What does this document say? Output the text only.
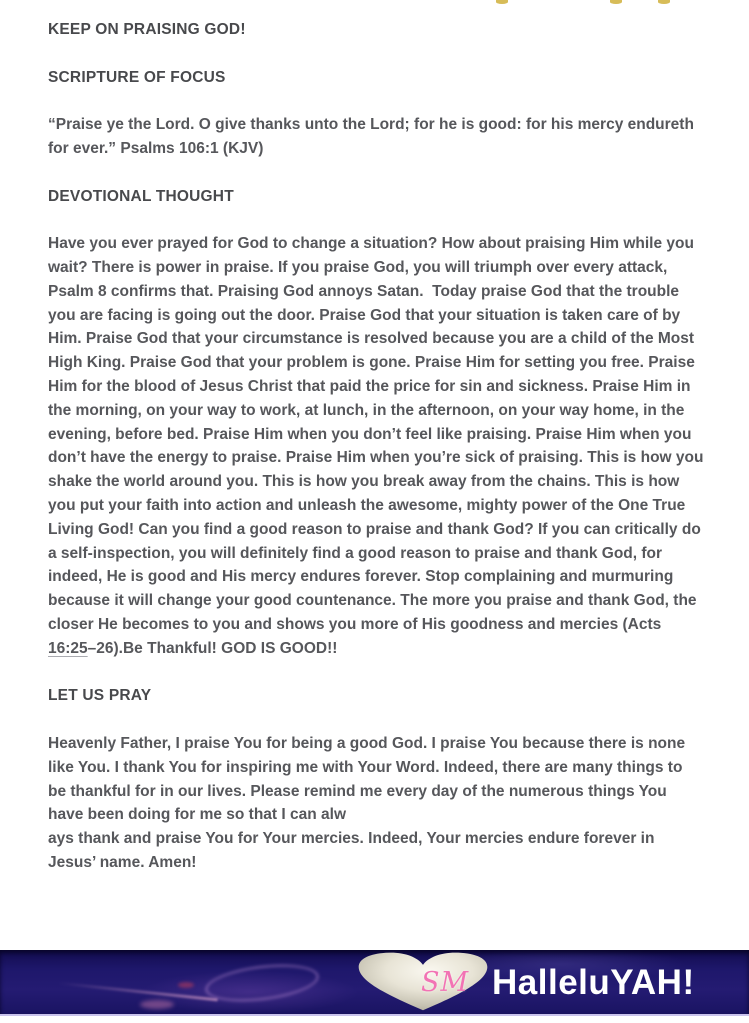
KEEP ON PRAISING GOD!
SCRIPTURE OF FOCUS

“Praise ye the Lord. O give thanks unto the Lord; for he is good: for his mercy endureth for ever.” Psalms 106:1 (KJV)

DEVOTIONAL THOUGHT

Have you ever prayed for God to change a situation? How about praising Him while you wait? There is power in praise. If you praise God, you will triumph over every attack, Psalm 8 confirms that. Praising God annoys Satan.  Today praise God that the trouble you are facing is going out the door. Praise God that your situation is taken care of by Him. Praise God that your circumstance is resolved because you are a child of the Most High King. Praise God that your problem is gone. Praise Him for setting you free. Praise Him for the blood of Jesus Christ that paid the price for sin and sickness. Praise Him in the morning, on your way to work, at lunch, in the afternoon, on your way home, in the evening, before bed. Praise Him when you don’t feel like praising. Praise Him when you don’t have the energy to praise. Praise Him when you’re sick of praising. This is how you shake the world around you. This is how you break away from the chains. This is how you put your faith into action and unleash the awesome, mighty power of the One True Living God! Can you find a good reason to praise and thank God? If you can critically do a self-inspection, you will definitely find a good reason to praise and thank God, for indeed, He is good and His mercy endures forever. Stop complaining and murmuring because it will change your good countenance. The more you praise and thank God, the closer He becomes to you and shows you more of His goodness and mercies (Acts 16:25–26).Be Thankful! GOD IS GOOD!!

LET US PRAY

Heavenly Father, I praise You for being a good God. I praise You because there is none like You. I thank You for inspiring me with Your Word. Indeed, there are many things to be thankful for in our lives. Please remind me every day of the numerous things You have been doing for me so that I can alw
ays thank and praise You for Your mercies. Indeed, Your mercies endure forever in Jesus’ name. Amen!

SM HalleluYAH!
